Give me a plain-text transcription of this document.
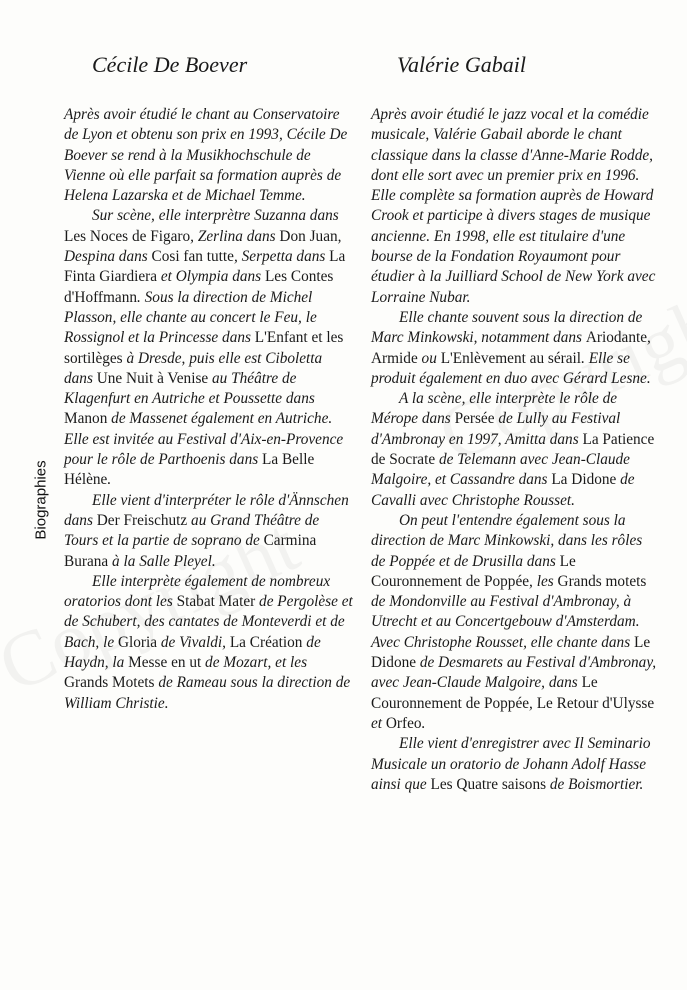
Biographies
Cécile De Boever	Valérie Gabail

Après avoir étudié le chant au Conservatoire de Lyon et obtenu son prix en 1993, Cécile De Boever se rend à la Musikhochschule de Vienne où elle parfait sa formation auprès de Helena Lazarska et de Michael Temme.

Sur scène, elle interprètre Suzanna dans Les Noces de Figaro, Zerlina dans Don Juan, Despina dans Cosi fan tutte, Serpetta dans La Finta Giardiera et Olympia dans Les Contes d'Hoffmann. Sous la direction de Michel Plasson, elle chante au concert le Feu, le Rossignol et la Princesse dans L'Enfant et les sortilèges à Dresde, puis elle est Ciboletta dans Une Nuit à Venise au Théâtre de Klagenfurt en Autriche et Poussette dans Manon de Massenet également en Autriche. Elle est invitée au Festival d'Aix-en-Provence pour le rôle de Parthoenis dans La Belle Hélène.

Elle vient d'interpréter le rôle d'Ännschen dans Der Freischutz au Grand Théâtre de Tours et la partie de soprano de Carmina Burana à la Salle Pleyel.

Elle interprète également de nombreux oratorios dont les Stabat Mater de Pergolèse et de Schubert, des cantates de Monteverdi et de Bach, le Gloria de Vivaldi, La Création de Haydn, la Messe en ut de Mozart, et les Grands Motets de Rameau sous la direction de William Christie.

Après avoir étudié le jazz vocal et la comédie musicale, Valérie Gabail aborde le chant classique dans la classe d'Anne-Marie Rodde, dont elle sort avec un premier prix en 1996. Elle complète sa formation auprès de Howard Crook et participe à divers stages de musique ancienne. En 1998, elle est titulaire d'une bourse de la Fondation Royaumont pour étudier à la Juilliard School de New York avec Lorraine Nubar.

Elle chante souvent sous la direction de Marc Minkowski, notamment dans Ariodante, Armide ou L'Enlèvement au sérail. Elle se produit également en duo avec Gérard Lesne.

A la scène, elle interprète le rôle de Mérope dans Persée de Lully au Festival d'Ambronay en 1997, Amitta dans La Patience de Socrate de Telemann avec Jean-Claude Malgoire, et Cassandre dans La Didone de Cavalli avec Christophe Rousset.

On peut l'entendre également sous la direction de Marc Minkowski, dans les rôles de Poppée et de Drusilla dans Le Couronnement de Poppée, les Grands motets de Mondonville au Festival d'Ambronay, à Utrecht et au Concertgebouw d'Amsterdam. Avec Christophe Rousset, elle chante dans Le Didone de Desmarets au Festival d'Ambronay, avec Jean-Claude Malgoire, dans Le Couronnement de Poppée, Le Retour d'Ulysse et Orfeo.

Elle vient d'enregistrer avec Il Seminario Musicale un oratorio de Johann Adolf Hasse ainsi que Les Quatre saisons de Boismortier.
